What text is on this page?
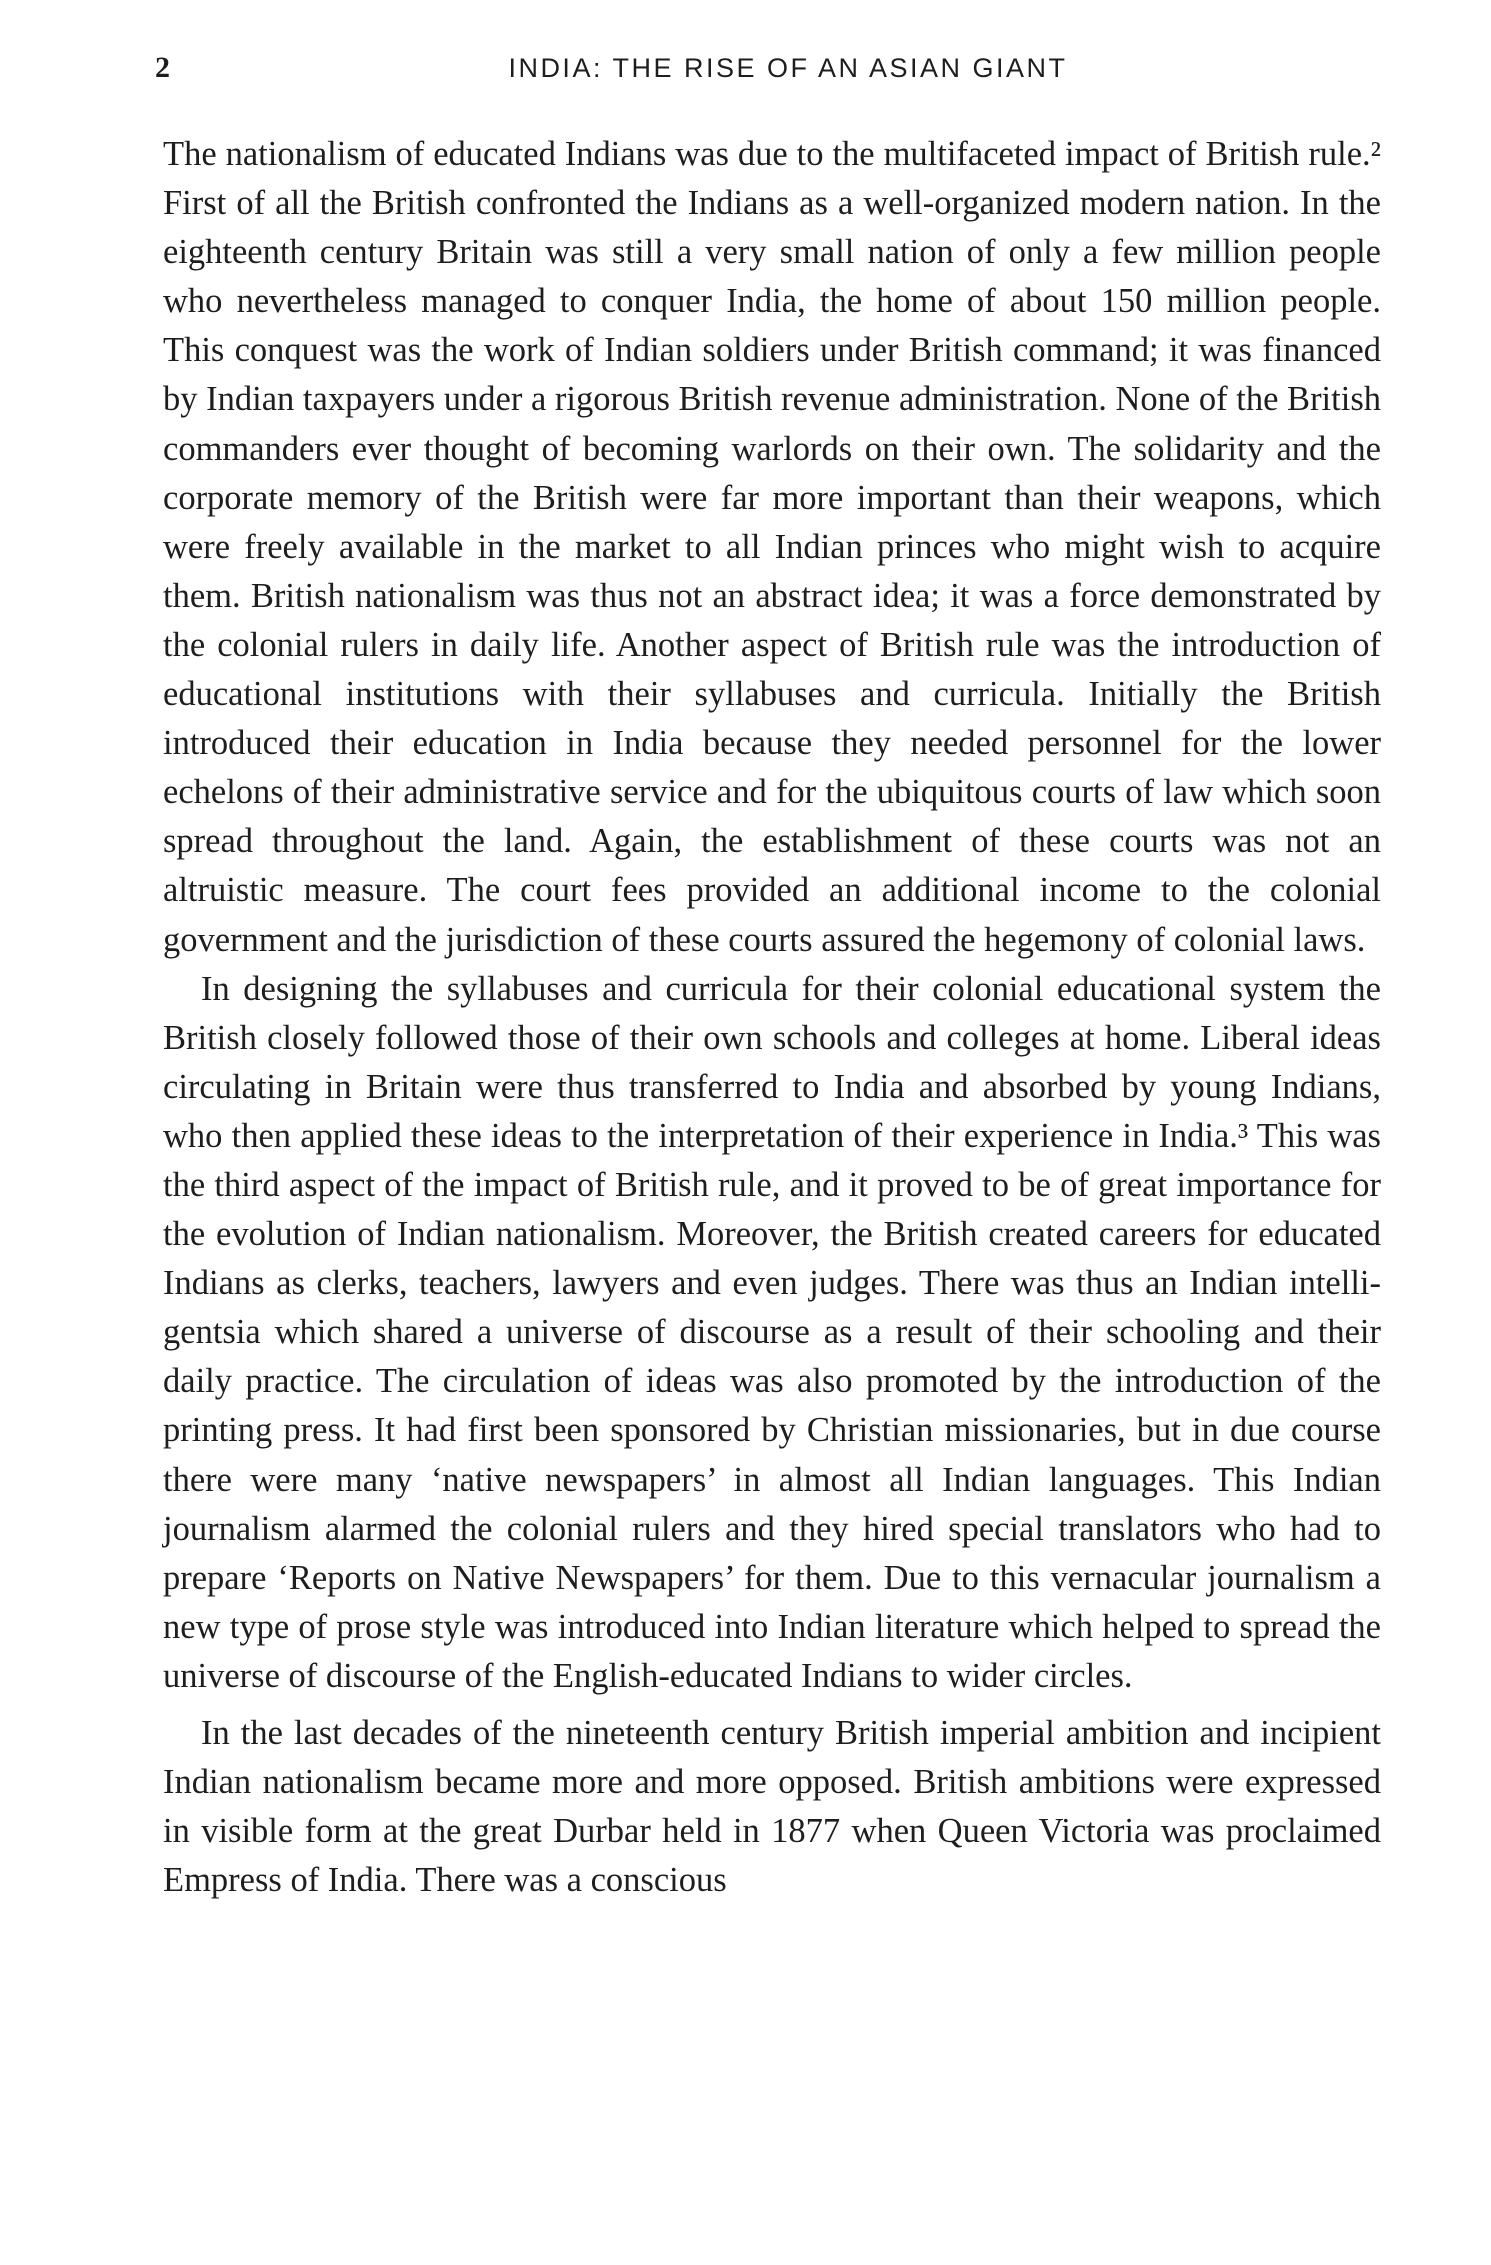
2	INDIA: THE RISE OF AN ASIAN GIANT

The nationalism of educated Indians was due to the multifaceted impact of British rule.² First of all the British confronted the Indians as a well-organized modern nation. In the eighteenth century Britain was still a very small nation of only a few million people who nevertheless managed to conquer India, the home of about 150 million people. This conquest was the work of Indian soldiers under British command; it was financed by Indian taxpayers under a rigorous British revenue administration. None of the British commanders ever thought of becoming warlords on their own. The solidarity and the corporate memory of the British were far more important than their weapons, which were freely available in the market to all Indian princes who might wish to acquire them. British nationalism was thus not an abstract idea; it was a force demonstrated by the colonial rulers in daily life. Another aspect of British rule was the introduction of educational institutions with their syllabuses and curricula. Initially the British introduced their education in India because they needed personnel for the lower echelons of their administrative service and for the ubiquitous courts of law which soon spread throughout the land. Again, the establishment of these courts was not an altruistic measure. The court fees provided an additional income to the colonial government and the jurisdiction of these courts assured the hegemony of colonial laws.

In designing the syllabuses and curricula for their colonial educational system the British closely followed those of their own schools and colleges at home. Liberal ideas circulating in Britain were thus transferred to India and absorbed by young Indians, who then applied these ideas to the interpretation of their experience in India.³ This was the third aspect of the impact of British rule, and it proved to be of great importance for the evolution of Indian nationalism. Moreover, the British created careers for educated Indians as clerks, teachers, lawyers and even judges. There was thus an Indian intelligentsia which shared a universe of discourse as a result of their schooling and their daily practice. The circulation of ideas was also promoted by the introduction of the printing press. It had first been sponsored by Christian missionaries, but in due course there were many ‘native newspapers’ in almost all Indian languages. This Indian journalism alarmed the colonial rulers and they hired special translators who had to prepare ‘Reports on Native Newspapers’ for them. Due to this vernacular journalism a new type of prose style was introduced into Indian literature which helped to spread the universe of discourse of the English-educated Indians to wider circles.

In the last decades of the nineteenth century British imperial ambition and incipient Indian nationalism became more and more opposed. British ambitions were expressed in visible form at the great Durbar held in 1877 when Queen Victoria was proclaimed Empress of India. There was a conscious
